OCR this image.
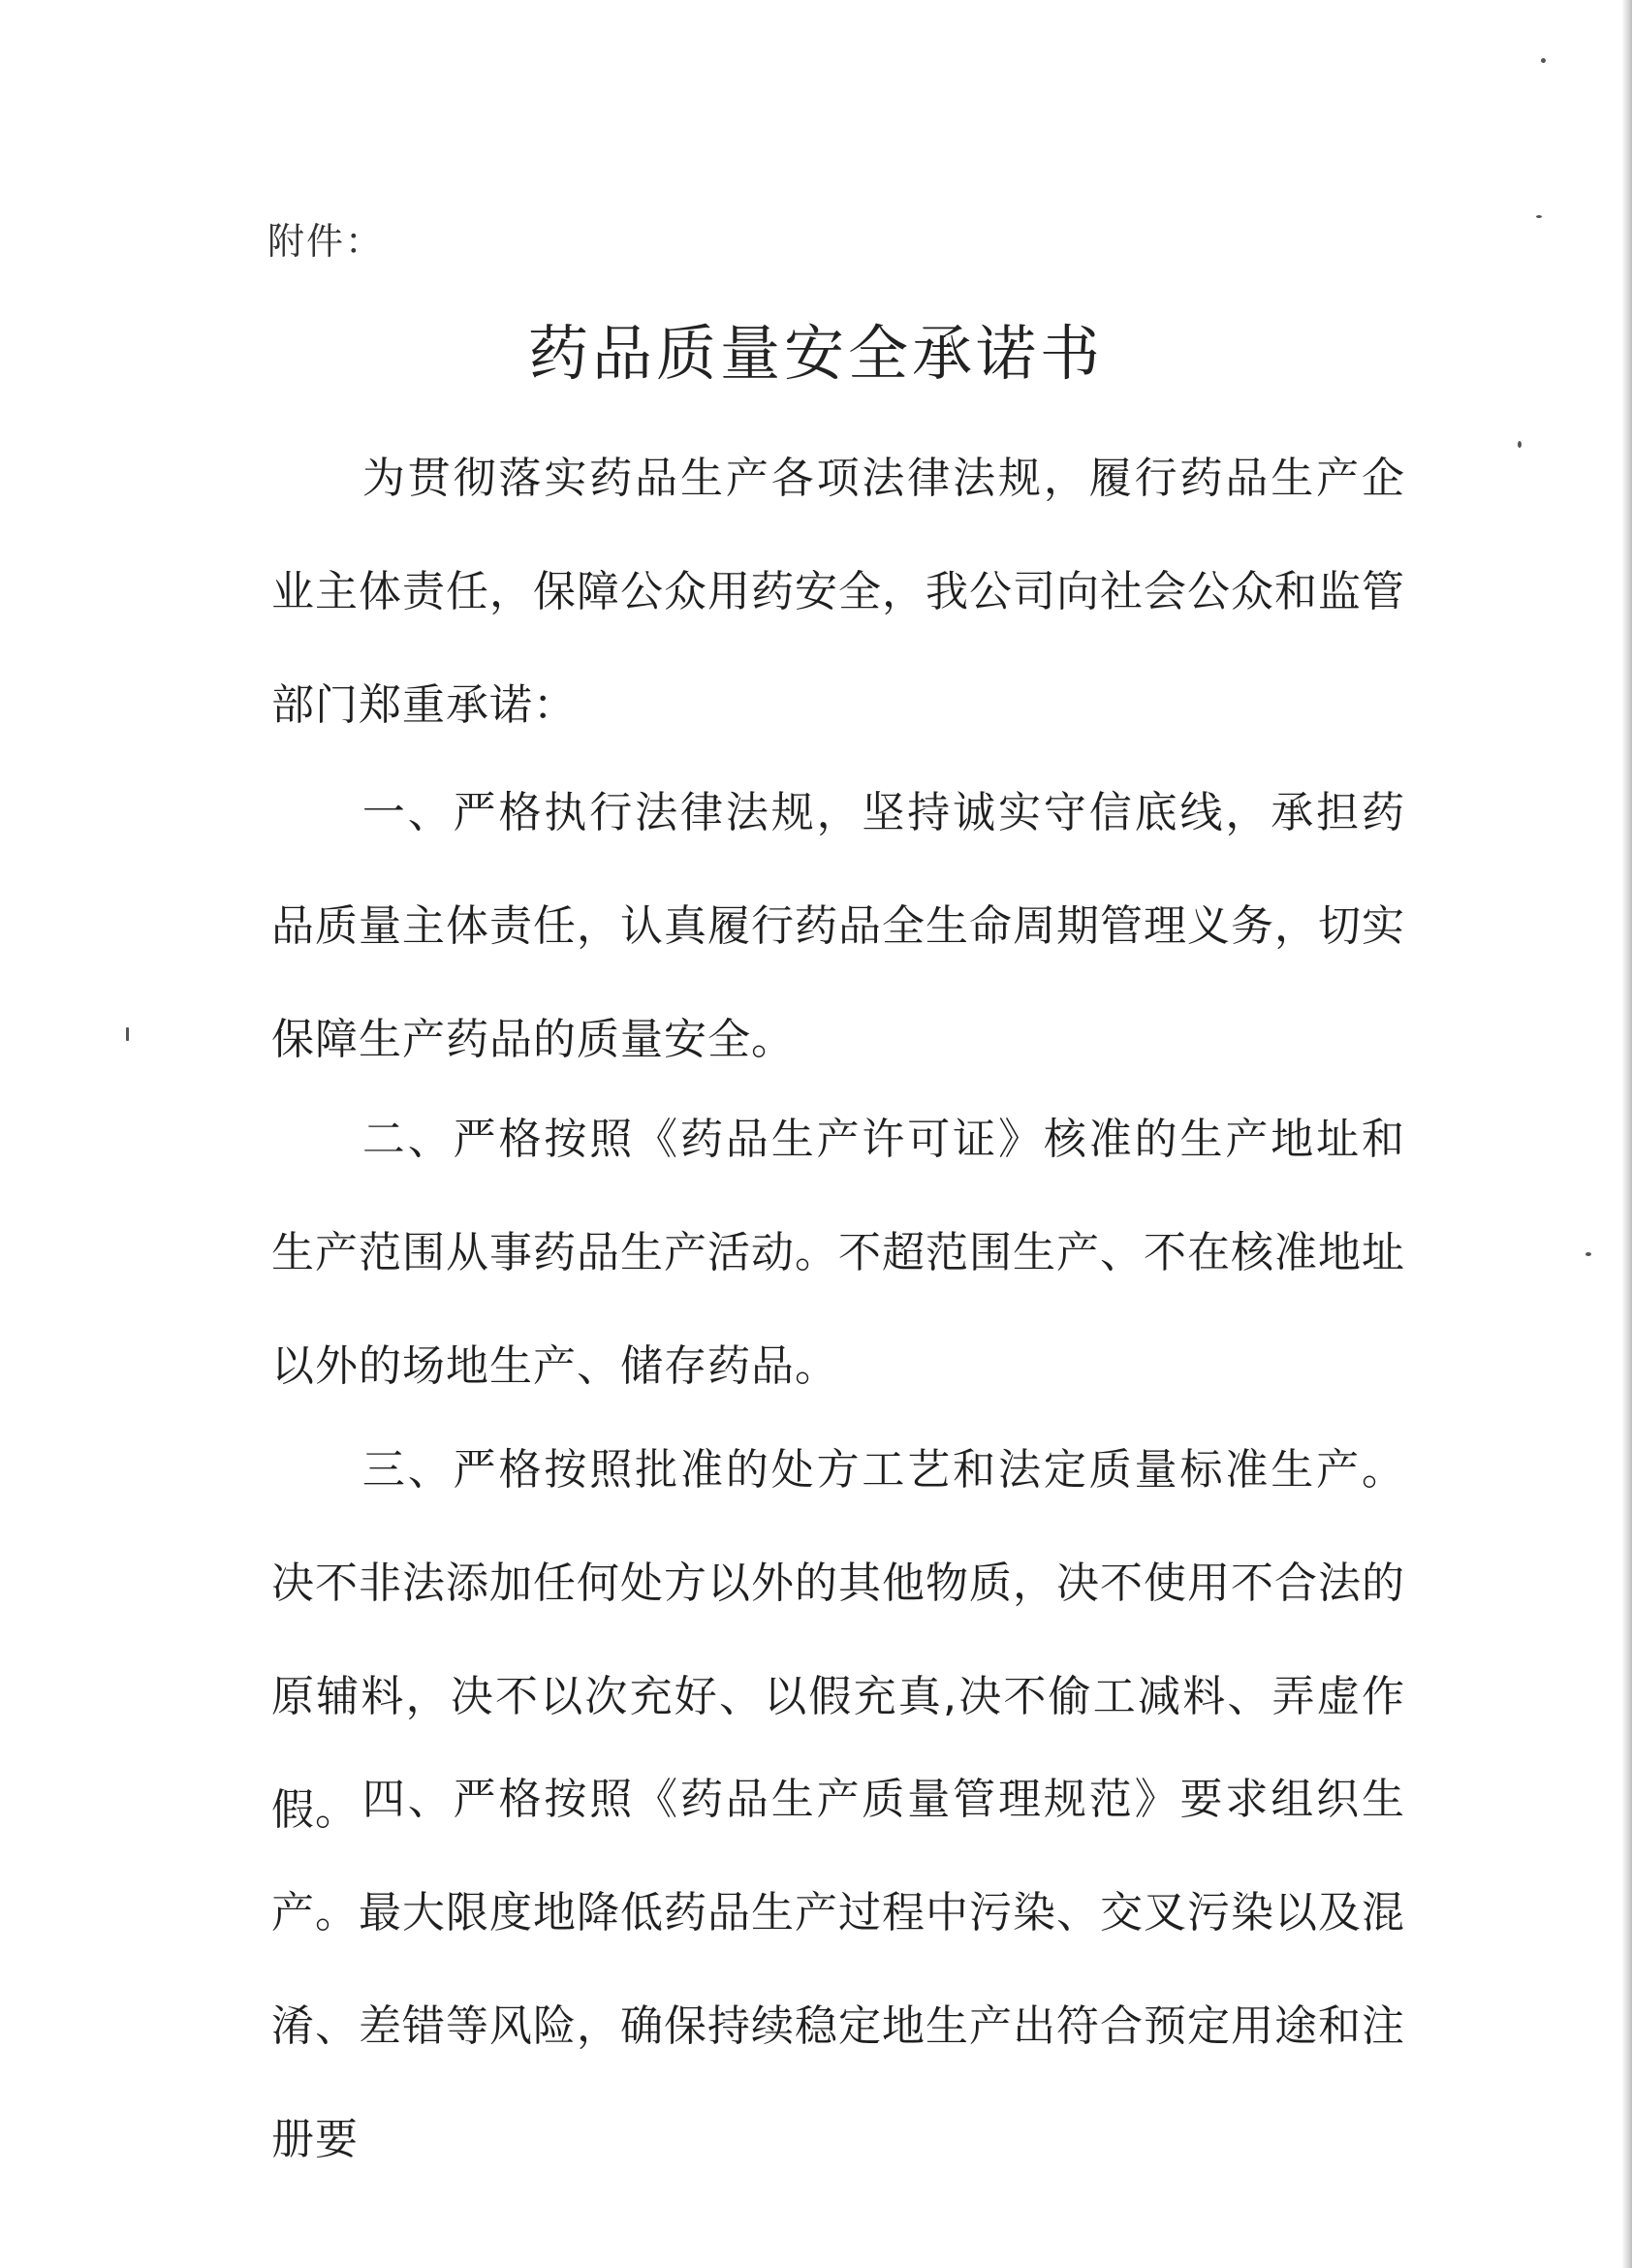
附件：
药品质量安全承诺书

为贯彻落实药品生产各项法律法规，履行药品生产企业主体责任，保障公众用药安全，我公司向社会公众和监管部门郑重承诺：

一、严格执行法律法规，坚持诚实守信底线，承担药品质量主体责任，认真履行药品全生命周期管理义务，切实保障生产药品的质量安全。

二、严格按照《药品生产许可证》核准的生产地址和生产范围从事药品生产活动。不超范围生产、不在核准地址以外的场地生产、储存药品。

三、严格按照批准的处方工艺和法定质量标准生产。决不非法添加任何处方以外的其他物质，决不使用不合法的原辅料，决不以次充好、以假充真,决不偷工减料、弄虚作假。 四、严格按照《药品生产质量管理规范》要求组织生产。最大限度地降低药品生产过程中污染、交叉污染以及混淆、差错等风险，确保持续稳定地生产出符合预定用途和注册要
